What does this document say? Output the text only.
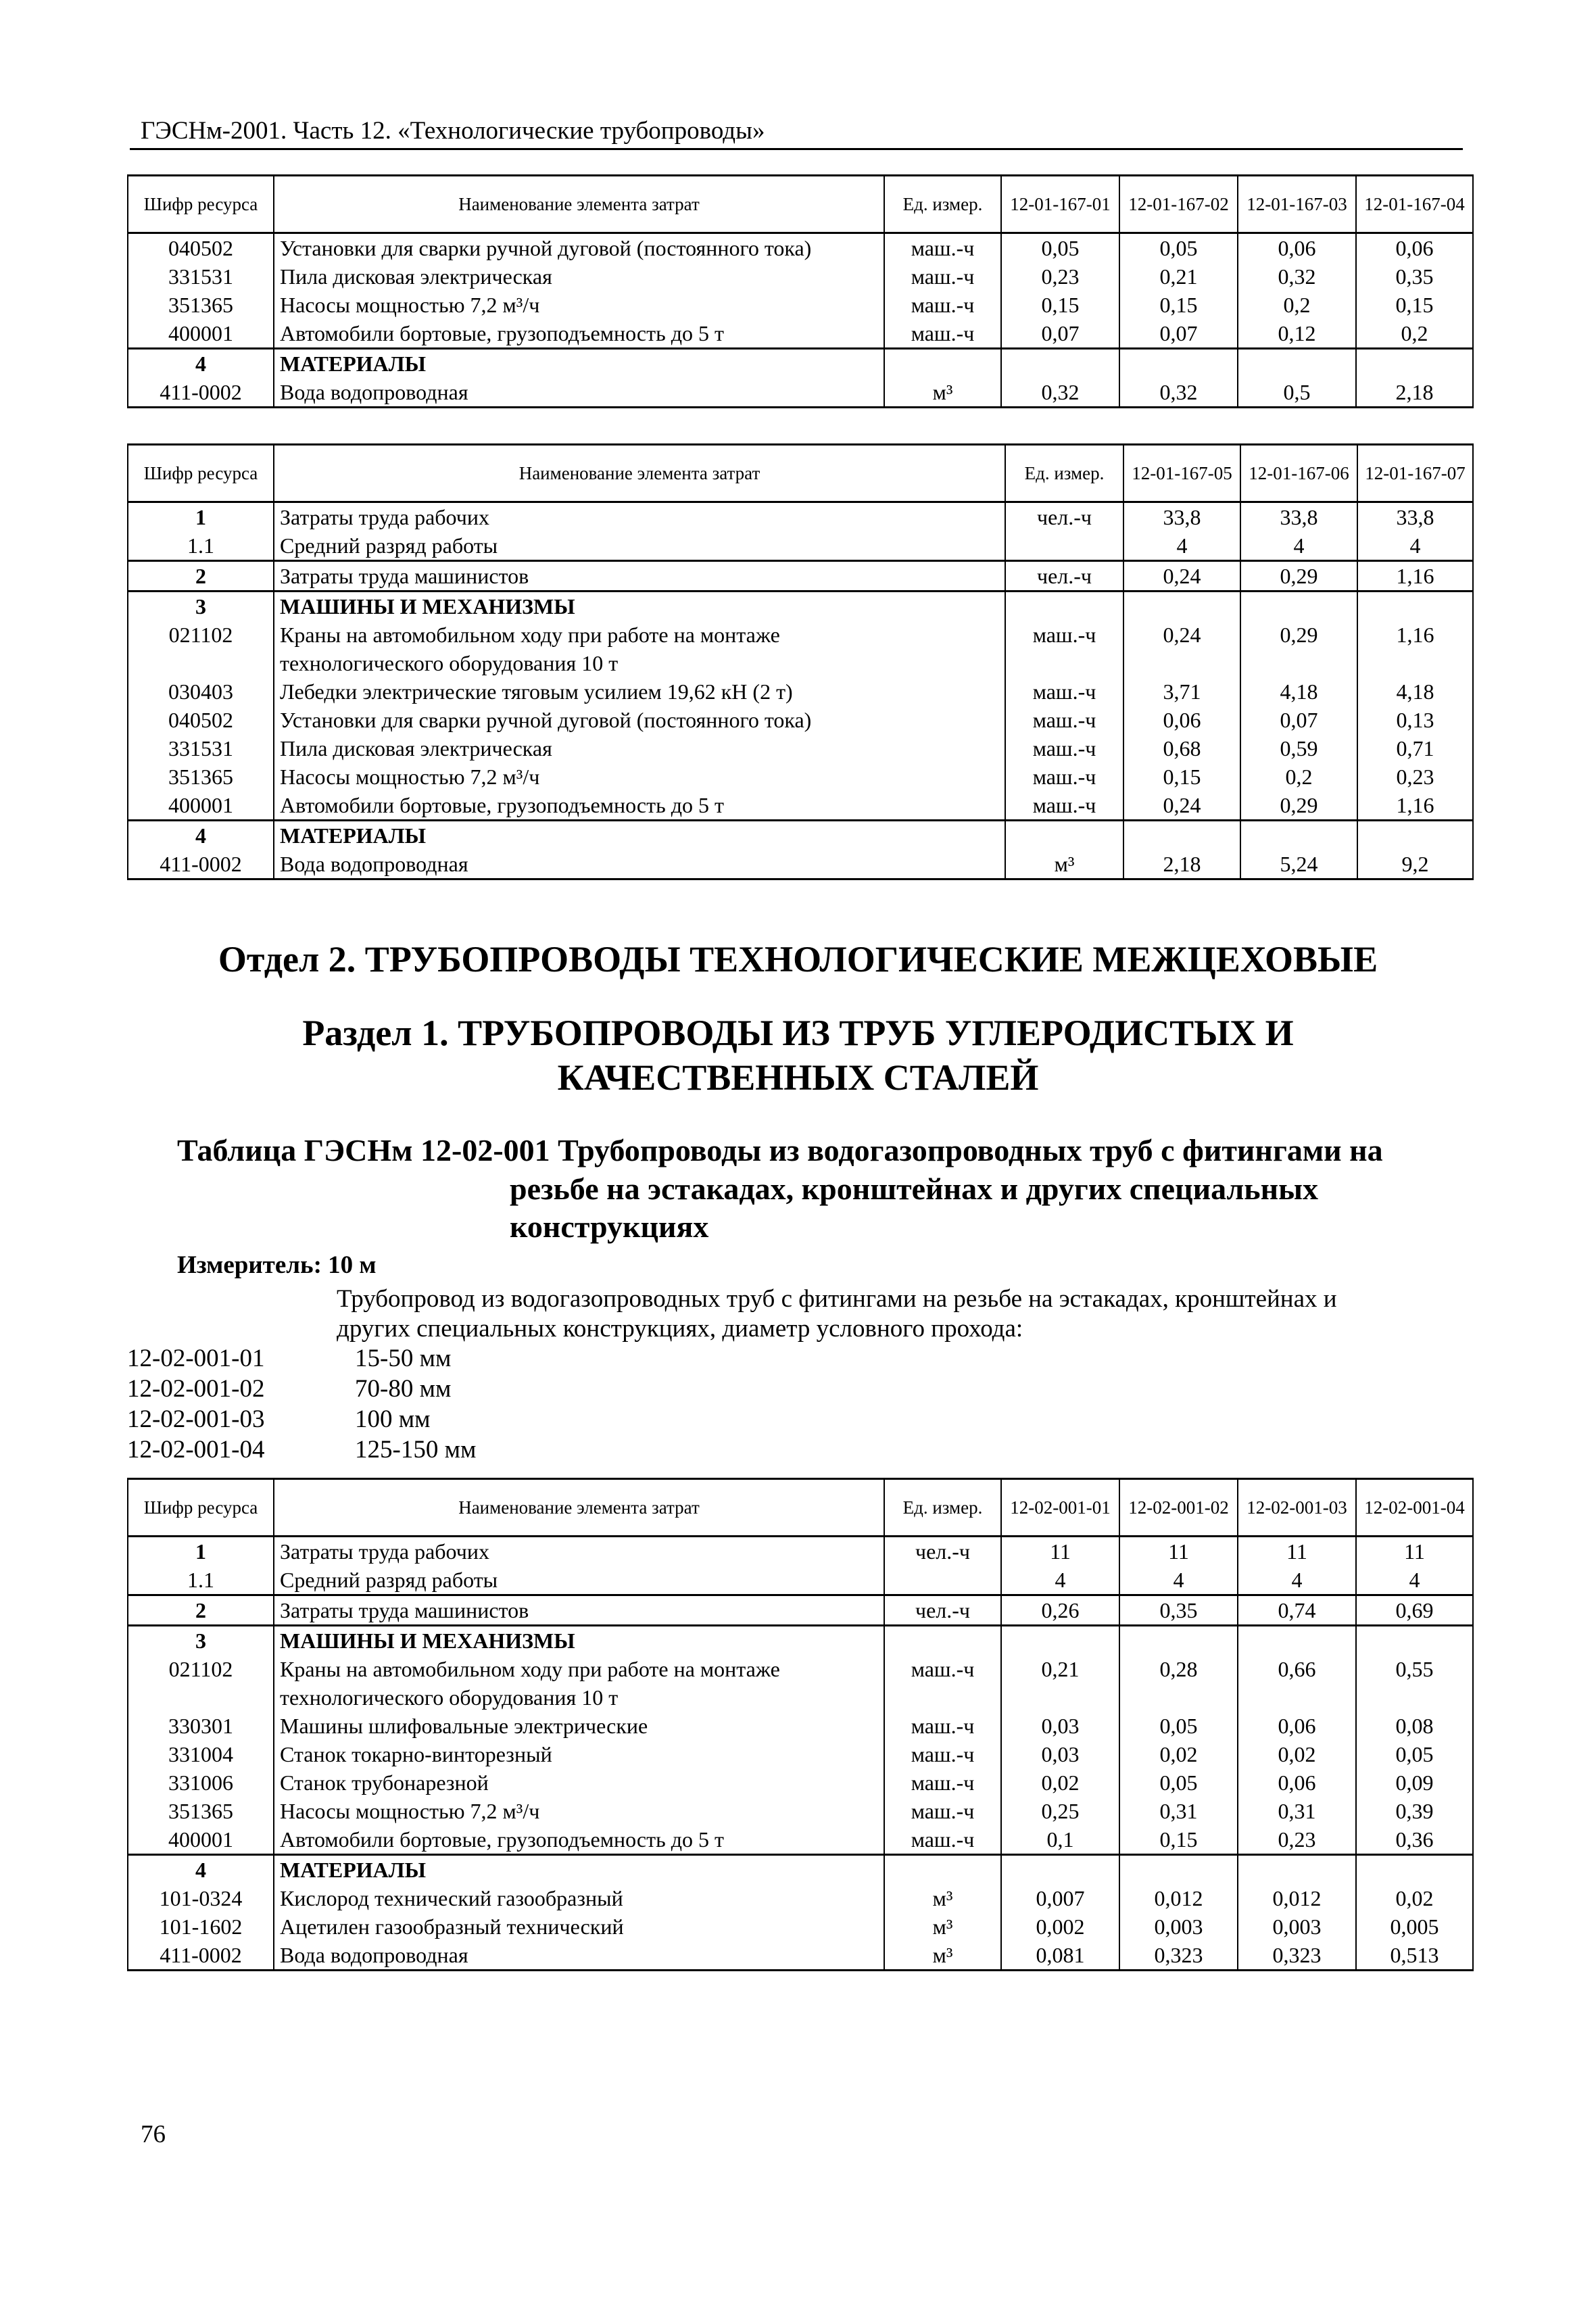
ГЭСНм-2001. Часть 12. «Технологические трубопроводы»
Шифр ресурса	Наименование элемента затрат	Ед. измер.	12-01-167-01	12-01-167-02	12-01-167-03	12-01-167-04
040502	Установки для сварки ручной дуговой (постоянного тока)	маш.-ч	0,05	0,05	0,06	0,06
331531	Пила дисковая электрическая	маш.-ч	0,23	0,21	0,32	0,35
351365	Насосы мощностью 7,2 м³/ч	маш.-ч	0,15	0,15	0,2	0,15
400001	Автомобили бортовые, грузоподъемность до 5 т	маш.-ч	0,07	0,07	0,12	0,2
4	МАТЕРИАЛЫ					

411-0002	Вода водопроводная	м³	0,32	0,32	0,5	2,18
Шифр ресурса	Наименование элемента затрат	Ед. измер.	12-01-167-05	12-01-167-06	12-01-167-07
1	Затраты труда рабочих	чел.-ч	33,8	33,8	33,8
1.1	Средний разряд работы		4	4	4
2	Затраты труда машинистов	чел.-ч	0,24	0,29	1,16
3	МАШИНЫ И МЕХАНИЗМЫ				

021102	Краны на автомобильном ходу при работе на монтаже технологического оборудования 10 т	маш.-ч	0,24	0,29	1,16
030403	Лебедки электрические тяговым усилием 19,62 кН (2 т)	маш.-ч	3,71	4,18	4,18
040502	Установки для сварки ручной дуговой (постоянного тока)	маш.-ч	0,06	0,07	0,13
331531	Пила дисковая электрическая	маш.-ч	0,68	0,59	0,71
351365	Насосы мощностью 7,2 м³/ч	маш.-ч	0,15	0,2	0,23
400001	Автомобили бортовые, грузоподъемность до 5 т	маш.-ч	0,24	0,29	1,16
4	МАТЕРИАЛЫ				

411-0002	Вода водопроводная	м³	2,18	5,24	9,2
Отдел 2. ТРУБОПРОВОДЫ ТЕХНОЛОГИЧЕСКИЕ МЕЖЦЕХОВЫЕ
Раздел 1. ТРУБОПРОВОДЫ ИЗ ТРУБ УГЛЕРОДИСТЫХ И
КАЧЕСТВЕННЫХ СТАЛЕЙ
Таблица ГЭСНм 12-02-001 Трубопроводы из водогазопроводных труб с фитингами на
резьбе на эстакадах, кронштейнах и других специальных
конструкциях
Измеритель: 10 м
Трубопровод из водогазопроводных труб с фитингами на резьбе на эстакадах, кронштейнах и
других специальных конструкциях, диаметр условного прохода:
12-02-001-01	15-50 мм
12-02-001-02	70-80 мм
12-02-001-03	100 мм
12-02-001-04	125-150 мм
Шифр ресурса	Наименование элемента затрат	Ед. измер.	12-02-001-01	12-02-001-02	12-02-001-03	12-02-001-04
1	Затраты труда рабочих	чел.-ч	11	11	11	11
1.1	Средний разряд работы		4	4	4	4
2	Затраты труда машинистов	чел.-ч	0,26	0,35	0,74	0,69
3	МАШИНЫ И МЕХАНИЗМЫ					

021102	Краны на автомобильном ходу при работе на монтаже технологического оборудования 10 т	маш.-ч	0,21	0,28	0,66	0,55
330301	Машины шлифовальные электрические	маш.-ч	0,03	0,05	0,06	0,08
331004	Станок токарно-винторезный	маш.-ч	0,03	0,02	0,02	0,05
331006	Станок трубонарезной	маш.-ч	0,02	0,05	0,06	0,09
351365	Насосы мощностью 7,2 м³/ч	маш.-ч	0,25	0,31	0,31	0,39
400001	Автомобили бортовые, грузоподъемность до 5 т	маш.-ч	0,1	0,15	0,23	0,36
4	МАТЕРИАЛЫ					

101-0324	Кислород технический газообразный	м³	0,007	0,012	0,012	0,02
101-1602	Ацетилен газообразный технический	м³	0,002	0,003	0,003	0,005
411-0002	Вода водопроводная	м³	0,081	0,323	0,323	0,513
76
